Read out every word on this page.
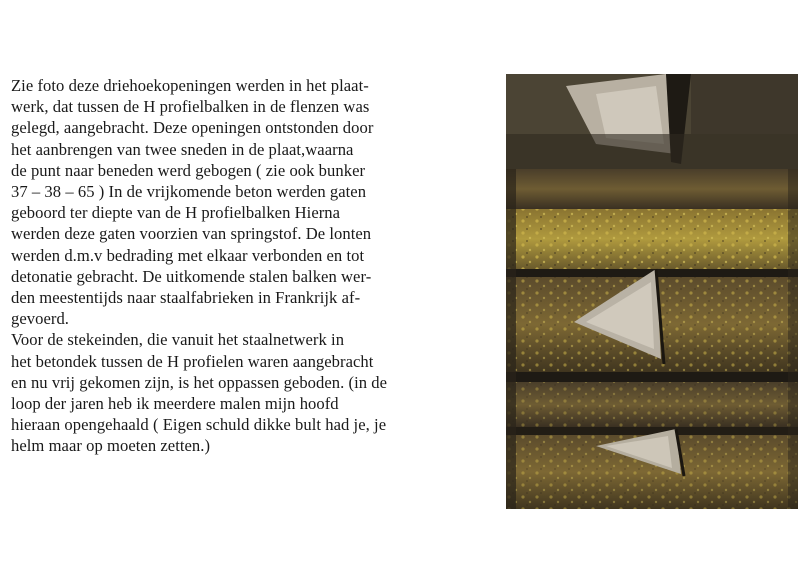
Zie foto deze driehoekopeningen werden in het plaat-
werk, dat tussen de H profielbalken in de flenzen was
gelegd, aangebracht. Deze openingen ontstonden door
het aanbrengen van twee sneden in de plaat,waarna
de punt naar beneden werd gebogen ( zie ook bunker
37 – 38 – 65 ) In de vrijkomende beton werden gaten
geboord ter diepte van de H profielbalken Hierna
werden deze gaten voorzien van springstof. De lonten
werden d.m.v bedrading met elkaar verbonden en tot
detonatie gebracht. De uitkomende stalen balken wer-
den meestentijds naar staalfabrieken in Frankrijk af-
gevoerd.
Voor de stekeinden, die vanuit het staalnetwerk in
het betondek tussen de H profielen waren aangebracht
en nu vrij gekomen zijn, is het oppassen geboden. (in de
loop der jaren heb ik meerdere malen mijn hoofd
hieraan opengehaald ( Eigen schuld dikke bult had je, je
helm maar op moeten zetten.)
